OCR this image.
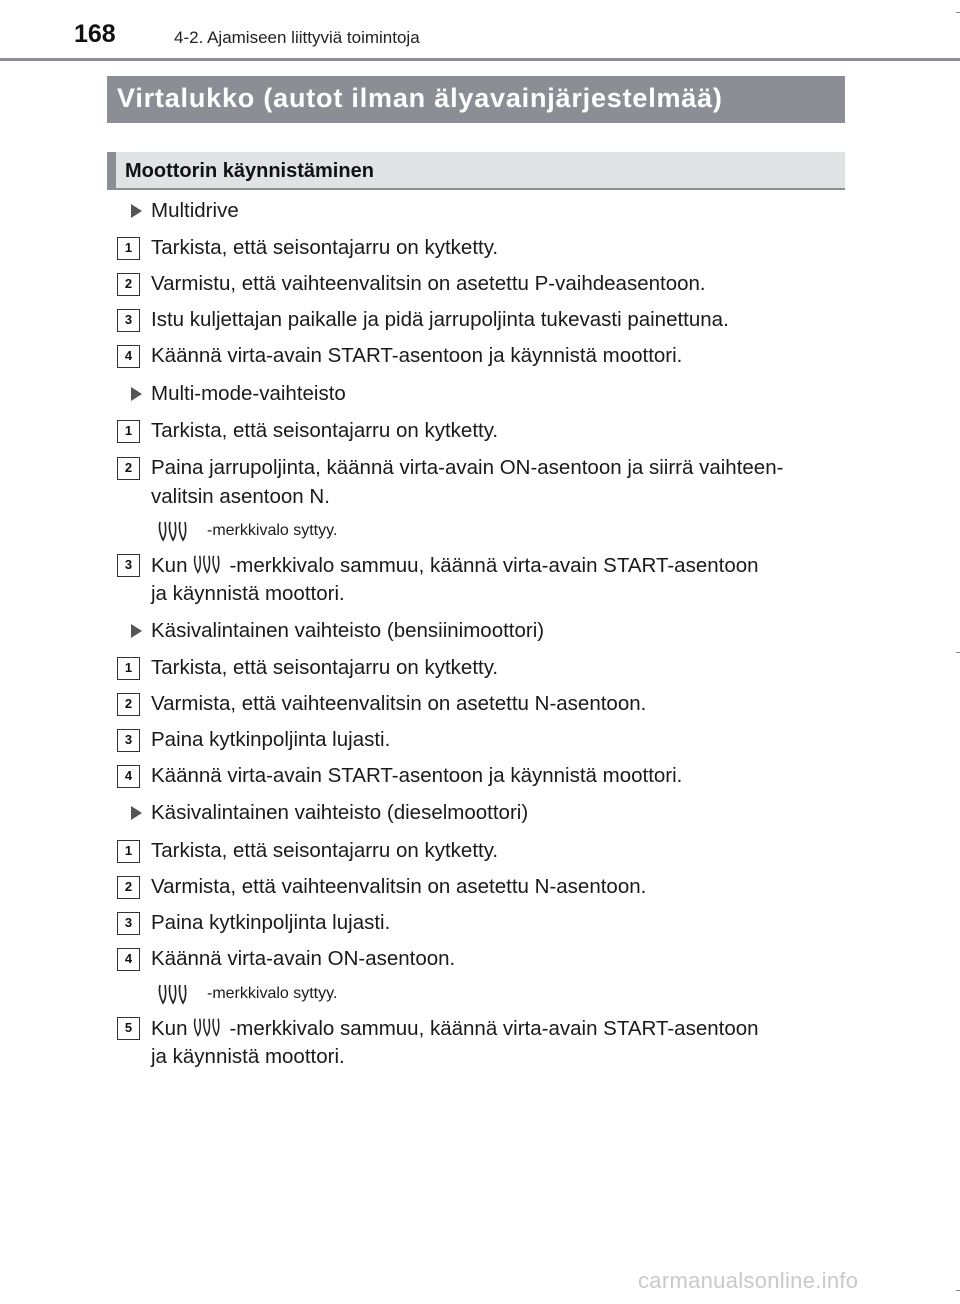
168	4-2. Ajamiseen liittyviä toimintoja
Virtalukko (autot ilman älyavainjärjestelmää)
Moottorin käynnistäminen
Multidrive
1 Tarkista, että seisontajarru on kytketty.
2 Varmistu, että vaihteenvalitsin on asetettu P-vaihdeasentoon.
3 Istu kuljettajan paikalle ja pidä jarrupoljinta tukevasti painettuna.
4 Käännä virta-avain START-asentoon ja käynnistä moottori.
Multi-mode-vaihteisto
1 Tarkista, että seisontajarru on kytketty.
2 Paina jarrupoljinta, käännä virta-avain ON-asentoon ja siirrä vaihteen-
valitsin asentoon N.
-merkkivalo syttyy.
3 Kun -merkkivalo sammuu, käännä virta-avain START-asentoon
ja käynnistä moottori.
Käsivalintainen vaihteisto (bensiinimoottori)
1 Tarkista, että seisontajarru on kytketty.
2 Varmista, että vaihteenvalitsin on asetettu N-asentoon.
3 Paina kytkinpoljinta lujasti.
4 Käännä virta-avain START-asentoon ja käynnistä moottori.
Käsivalintainen vaihteisto (dieselmoottori)
1 Tarkista, että seisontajarru on kytketty.
2 Varmista, että vaihteenvalitsin on asetettu N-asentoon.
3 Paina kytkinpoljinta lujasti.
4 Käännä virta-avain ON-asentoon.
-merkkivalo syttyy.
5 Kun -merkkivalo sammuu, käännä virta-avain START-asentoon
ja käynnistä moottori.
carmanualsonline.info
